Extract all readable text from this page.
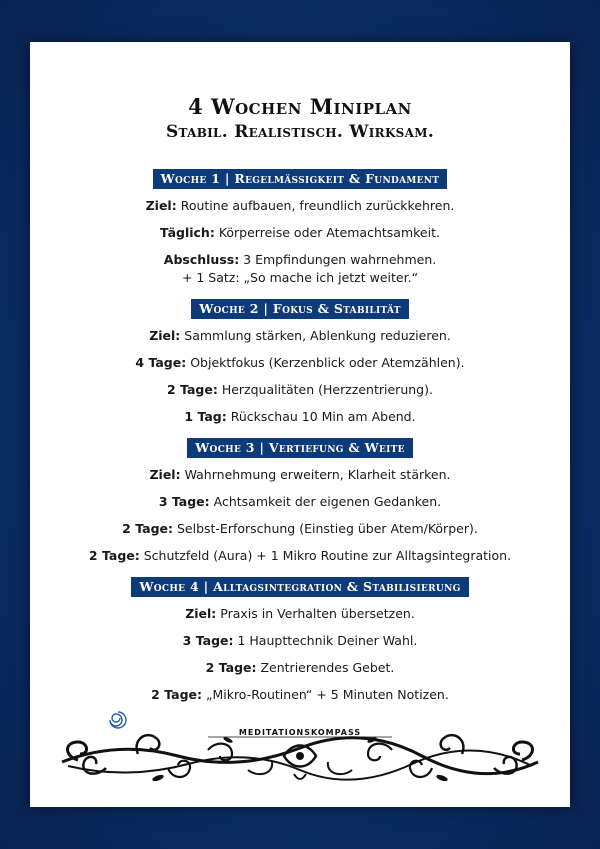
4 Wochen Miniplan
Stabil. Realistisch. Wirksam.
Woche 1 | Regelmässigkeit & Fundament
Ziel: Routine aufbauen, freundlich zurückkehren.
Täglich: Körperreise oder Atemachtsamkeit.
Abschluss: 3 Empfindungen wahrnehmen.
+ 1 Satz: „So mache ich jetzt weiter.“
Woche 2 | Fokus & Stabilität
Ziel: Sammlung stärken, Ablenkung reduzieren.
4 Tage: Objektfokus (Kerzenblick oder Atemzählen).
2 Tage: Herzqualitäten (Herzzentrierung).
1 Tag: Rückschau 10 Min am Abend.
Woche 3 | Vertiefung & Weite
Ziel: Wahrnehmung erweitern, Klarheit stärken.
3 Tage: Achtsamkeit der eigenen Gedanken.
2 Tage: Selbst-Erforschung (Einstieg über Atem/Körper).
2 Tage: Schutzfeld (Aura) + 1 Mikro Routine zur Alltagsintegration.
Woche 4 | Alltagsintegration & Stabilisierung
Ziel: Praxis in Verhalten übersetzen.
3 Tage: 1 Haupttechnik Deiner Wahl.
2 Tage: Zentrierendes Gebet.
2 Tage: „Mikro-Routinen“ + 5 Minuten Notizen.
MEDITATIONSKOMPASS
